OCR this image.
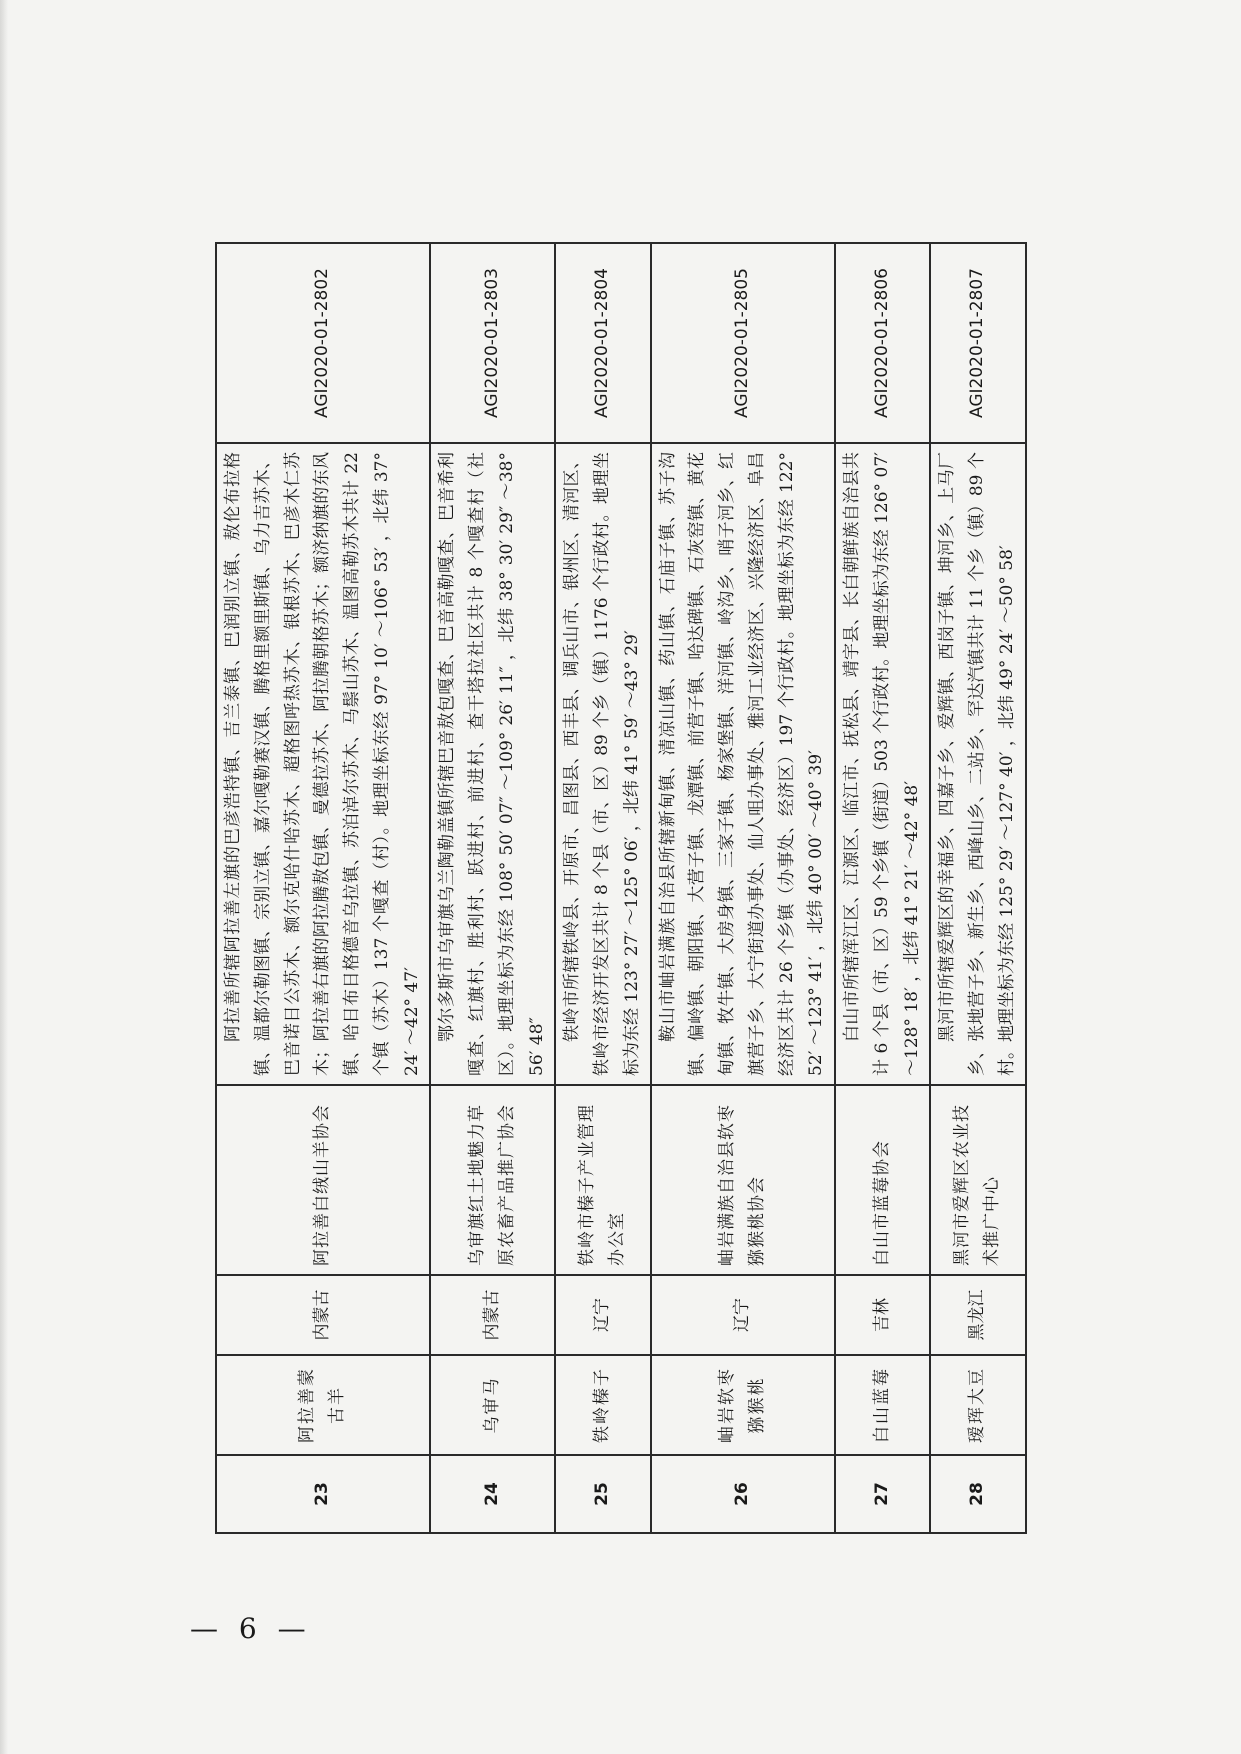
23	阿拉善蒙古羊	内蒙古	阿拉善白绒山羊协会	阿拉善所辖阿拉善左旗的巴彦浩特镇、吉兰泰镇、巴润别立镇、敖伦布拉格镇、温都尔勒图镇、宗别立镇、嘉尔嘎勒赛汉镇、腾格里额里斯镇、乌力吉苏木、巴音诺日公苏木、额尔克哈什哈苏木、超格图呼热苏木、银根苏木、巴彦木仁苏木；阿拉善右旗的阿拉腾敖包镇、曼德拉苏木、阿拉腾朝格苏木；额济纳旗的东风镇、哈日布日格德音乌拉镇、苏泊淖尔苏木、马鬃山苏木、温图高勒苏木共计 22 个镇（苏木）137 个嘎查（村）。地理坐标东经 97° 10′ ～106° 53′ ，北纬 37° 24′ ～42° 47′	AGI2020-01-2802
24	乌审马	内蒙古	乌审旗红土地魅力草原农畜产品推广协会	鄂尔多斯市乌审旗乌兰陶勒盖镇所辖巴音敖包嘎查、巴音高勒嘎查、巴音希利嘎查、红旗村、胜利村、跃进村、前进村、查干塔拉社区共计 8 个嘎查村（社区）。地理坐标为东经 108° 50′ 07″ ～109° 26′ 11″ ，北纬 38° 30′ 29″ ～38° 56′ 48″	AGI2020-01-2803
25	铁岭榛子	辽宁	铁岭市榛子产业管理办公室	铁岭市所辖铁岭县、开原市、昌图县、西丰县、调兵山市、银州区、清河区、铁岭市经济开发区共计 8 个县（市、区）89 个乡（镇）1176 个行政村。地理坐标为东经 123° 27′ ～125° 06′ ，北纬 41° 59′ ～43° 29′	AGI2020-01-2804
26	岫岩软枣猕猴桃	辽宁	岫岩满族自治县软枣猕猴桃协会	鞍山市岫岩满族自治县所辖新甸镇、清凉山镇、药山镇、石庙子镇、苏子沟镇、偏岭镇、朝阳镇、大营子镇、龙潭镇、前营子镇、哈达碑镇、石灰窑镇、黄花甸镇、牧牛镇、大房身镇、三家子镇、杨家堡镇、洋河镇、岭沟乡、哨子河乡、红旗营子乡、大宁街道办事处、仙人咀办事处、雅河工业经济区、兴隆经济区、阜昌经济区共计 26 个乡镇（办事处、经济区）197 个行政村。地理坐标为东经 122° 52′ ～123° 41′ ，北纬 40° 00′ ～40° 39′	AGI2020-01-2805
27	白山蓝莓	吉林	白山市蓝莓协会	白山市所辖浑江区、江源区、临江市、抚松县、靖宇县、长白朝鲜族自治县共计 6 个县（市、区）59 个乡镇（街道）503 个行政村。地理坐标为东经 126° 07′ ～128° 18′ ，北纬 41° 21′ ～42° 48′	AGI2020-01-2806
28	瑷珲大豆	黑龙江	黑河市爱辉区农业技术推广中心	黑河市所辖爱辉区的幸福乡、四嘉子乡、爱辉镇、西岗子镇、坤河乡、上马厂乡、张地营子乡、新生乡、西峰山乡、二站乡、罕达汽镇共计 11 个乡（镇）89 个村。地理坐标为东经 125° 29′ ～127° 40′ ，北纬 49° 24′ ～50° 58′	AGI2020-01-2807
— 6 —
